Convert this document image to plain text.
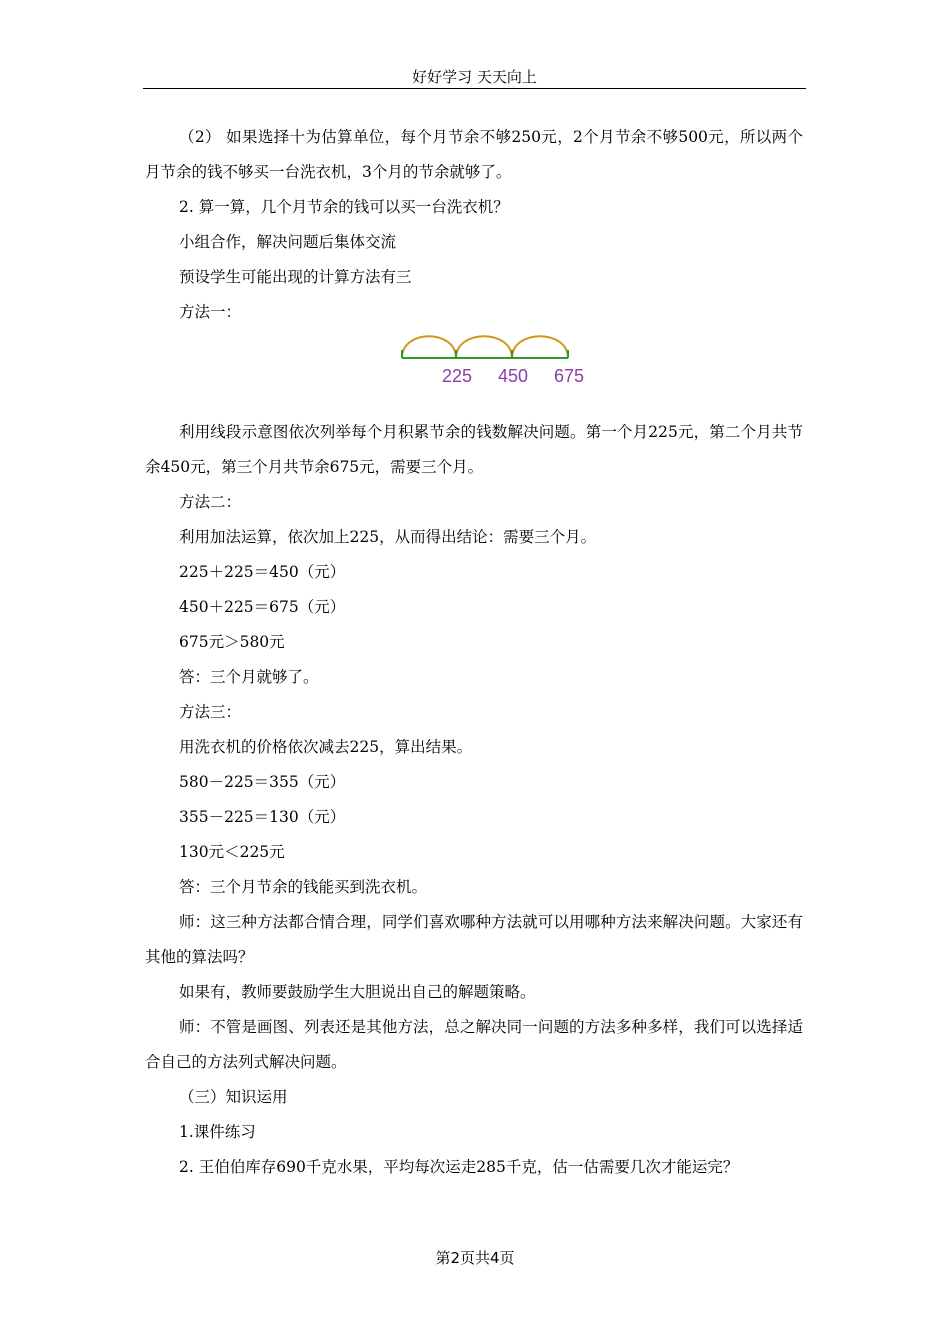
好好学习 天天向上

（2） 如果选择十为估算单位，每个月节余不够250元，2个月节余不够500元，所以两个月节余的钱不够买一台洗衣机，3个月的节余就够了。

2. 算一算，几个月节余的钱可以买一台洗衣机？

小组合作，解决问题后集体交流

预设学生可能出现的计算方法有三

方法一：

225 450 675

利用线段示意图依次列举每个月积累节余的钱数解决问题。第一个月225元，第二个月共节余450元，第三个月共节余675元，需要三个月。

方法二：

利用加法运算，依次加上225，从而得出结论：需要三个月。

225＋225＝450（元）

450＋225＝675（元）

675元＞580元

答：三个月就够了。

方法三：

用洗衣机的价格依次减去225，算出结果。

580－225＝355（元）

355－225＝130（元）

130元＜225元

答：三个月节余的钱能买到洗衣机。

师：这三种方法都合情合理，同学们喜欢哪种方法就可以用哪种方法来解决问题。大家还有其他的算法吗？

如果有，教师要鼓励学生大胆说出自己的解题策略。

师：不管是画图、列表还是其他方法，总之解决同一问题的方法多种多样，我们可以选择适合自己的方法列式解决问题。

（三）知识运用

1.课件练习

2. 王伯伯库存690千克水果，平均每次运走285千克，估一估需要几次才能运完？

第2页共4页
